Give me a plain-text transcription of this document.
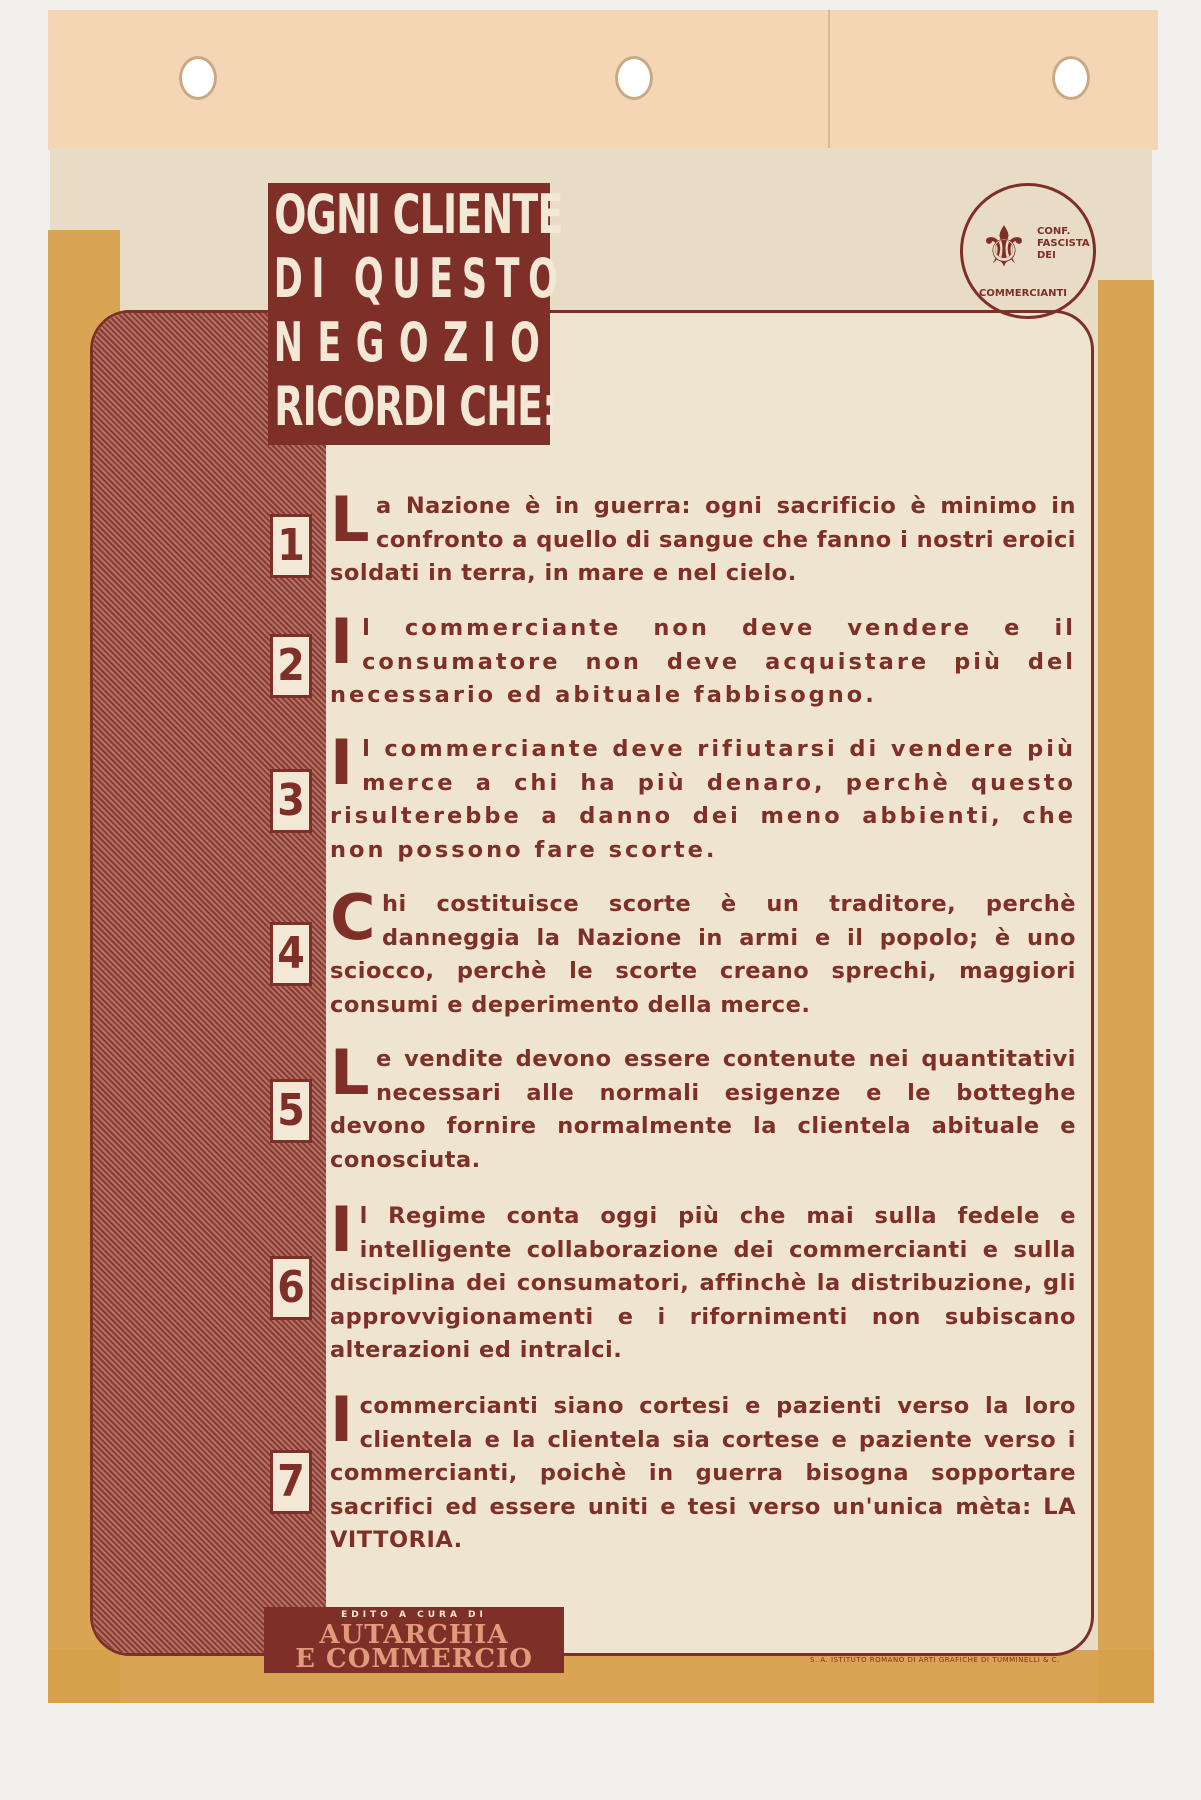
OGNI CLIENTE
DI QUESTO
NEGOZIO
RICORDI CHE:
⚜ CONF.
FASCISTA
DEI
COMMERCIANTI
1 La Nazione è in guerra: ogni sacrificio è minimo in confronto a quello di sangue che fanno i nostri eroici soldati in terra, in mare e nel cielo.
2 Il commerciante non deve vendere e il consumatore non deve acquistare più del necessario ed abituale fabbisogno.
3
Il commerciante deve rifiutarsi di vendere più merce a chi ha più denaro, perchè questo risulterebbe a danno dei meno abbienti, che non possono fare scorte.
4 Chi costituisce scorte è un traditore, perchè danneggia la Nazione in armi e il popolo; è uno sciocco, perchè le scorte creano sprechi, maggiori consumi e deperimento della merce.
5
Le vendite devono essere contenute nei quantitativi necessari alle normali esigenze e le botteghe devono fornire normalmente la clientela abituale e conosciuta.
6
Il Regime conta oggi più che mai sulla fedele e intelligente collaborazione dei commercianti e sulla disciplina dei consumatori, affinchè la distribuzione, gli approvvigionamenti e i rifornimenti non subiscano alterazioni ed intralci.
7
I commercianti siano cortesi e pazienti verso la loro clientela e la clientela sia cortese e paziente verso i commercianti, poichè in guerra bisogna sopportare sacrifici ed essere uniti e tesi verso un'unica mèta: LA VITTORIA.
EDITO A CURA DI
AUTARCHIA
E COMMERCIO	S. A. ISTITUTO ROMANO DI ARTI GRAFICHE DI TUMMINELLI & C.
